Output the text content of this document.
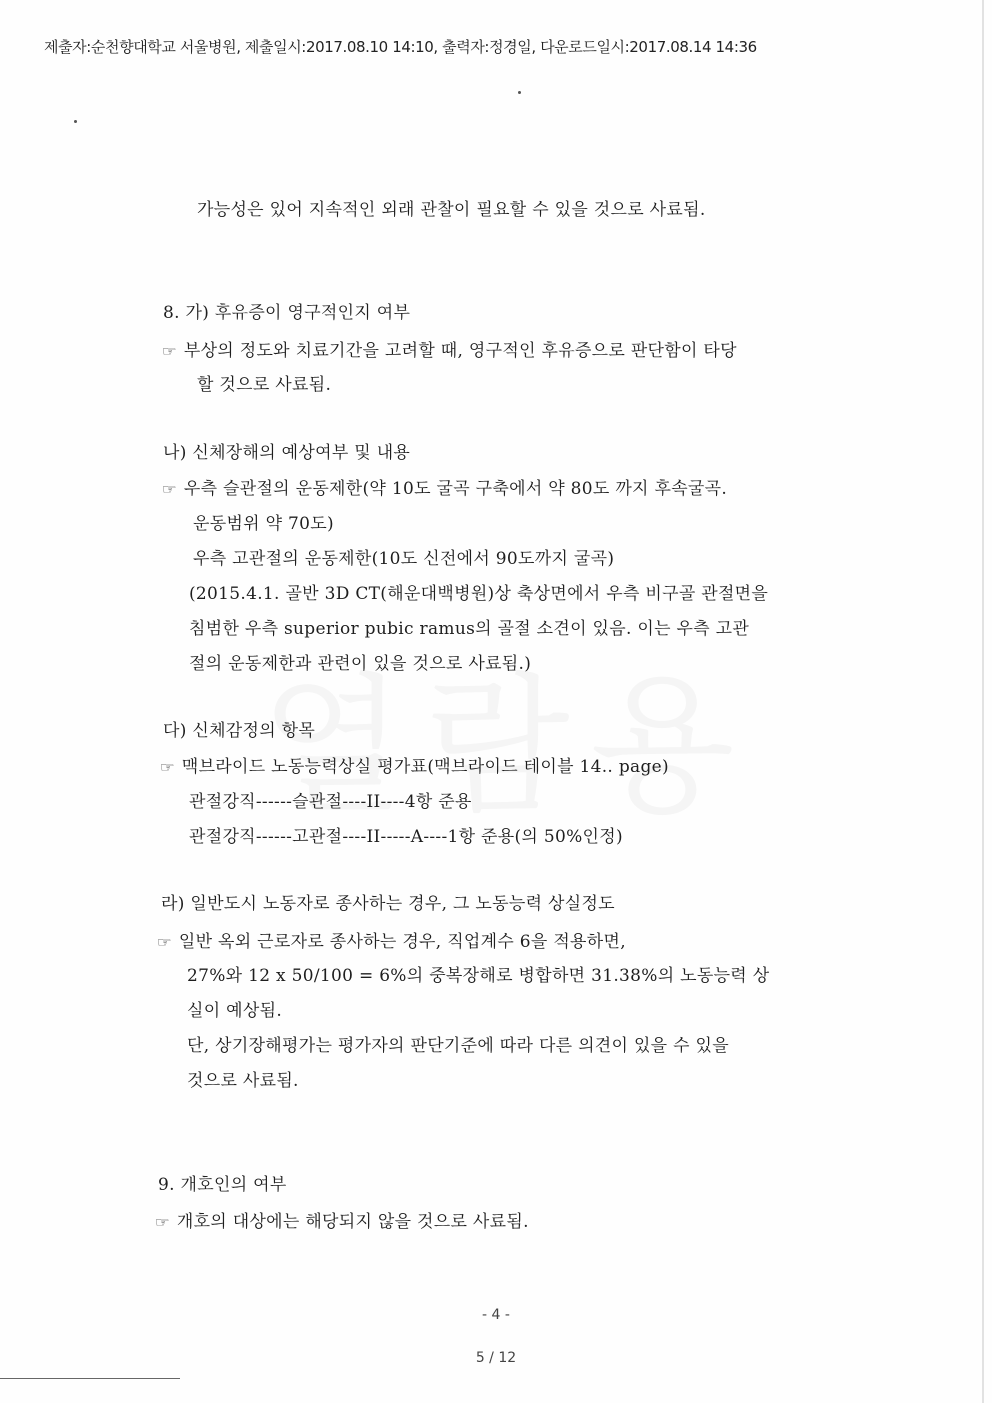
제출자:순천향대학교 서울병원, 제출일시:2017.08.10 14:10, 출력자:정경일, 다운로드일시:2017.08.14 14:36
가능성은 있어 지속적인 외래 관찰이 필요할 수 있을 것으로 사료됨.
8. 가) 후유증이 영구적인지 여부
☞ 부상의 정도와 치료기간을 고려할 때, 영구적인 후유증으로 판단함이 타당
할 것으로 사료됨.
나) 신체장해의 예상여부 및 내용
☞ 우측 슬관절의 운동제한(약 10도 굴곡 구축에서 약 80도 까지 후속굴곡.
운동범위 약 70도)
우측 고관절의 운동제한(10도 신전에서 90도까지 굴곡)
(2015.4.1. 골반 3D CT(해운대백병원)상 축상면에서 우측 비구골 관절면을
침범한 우측 superior pubic ramus의 골절 소견이 있음. 이는 우측 고관
절의 운동제한과 관련이 있을 것으로 사료됨.)
다) 신체감정의 항목
☞ 맥브라이드 노동능력상실 평가표(맥브라이드 테이블 14.. page)
관절강직------슬관절----II----4항 준용
관절강직------고관절----II-----A----1항 준용(의 50%인정)
라) 일반도시 노동자로 종사하는 경우, 그 노동능력 상실정도
☞ 일반 옥외 근로자로 종사하는 경우, 직업계수 6을 적용하면,
27%와 12 x 50/100 = 6%의 중복장해로 병합하면 31.38%의 노동능력 상
실이 예상됨.
단, 상기장해평가는 평가자의 판단기준에 따라 다른 의견이 있을 수 있을
것으로 사료됨.
9. 개호인의 여부
☞ 개호의 대상에는 해당되지 않을 것으로 사료됨.
- 4 -
5 / 12
